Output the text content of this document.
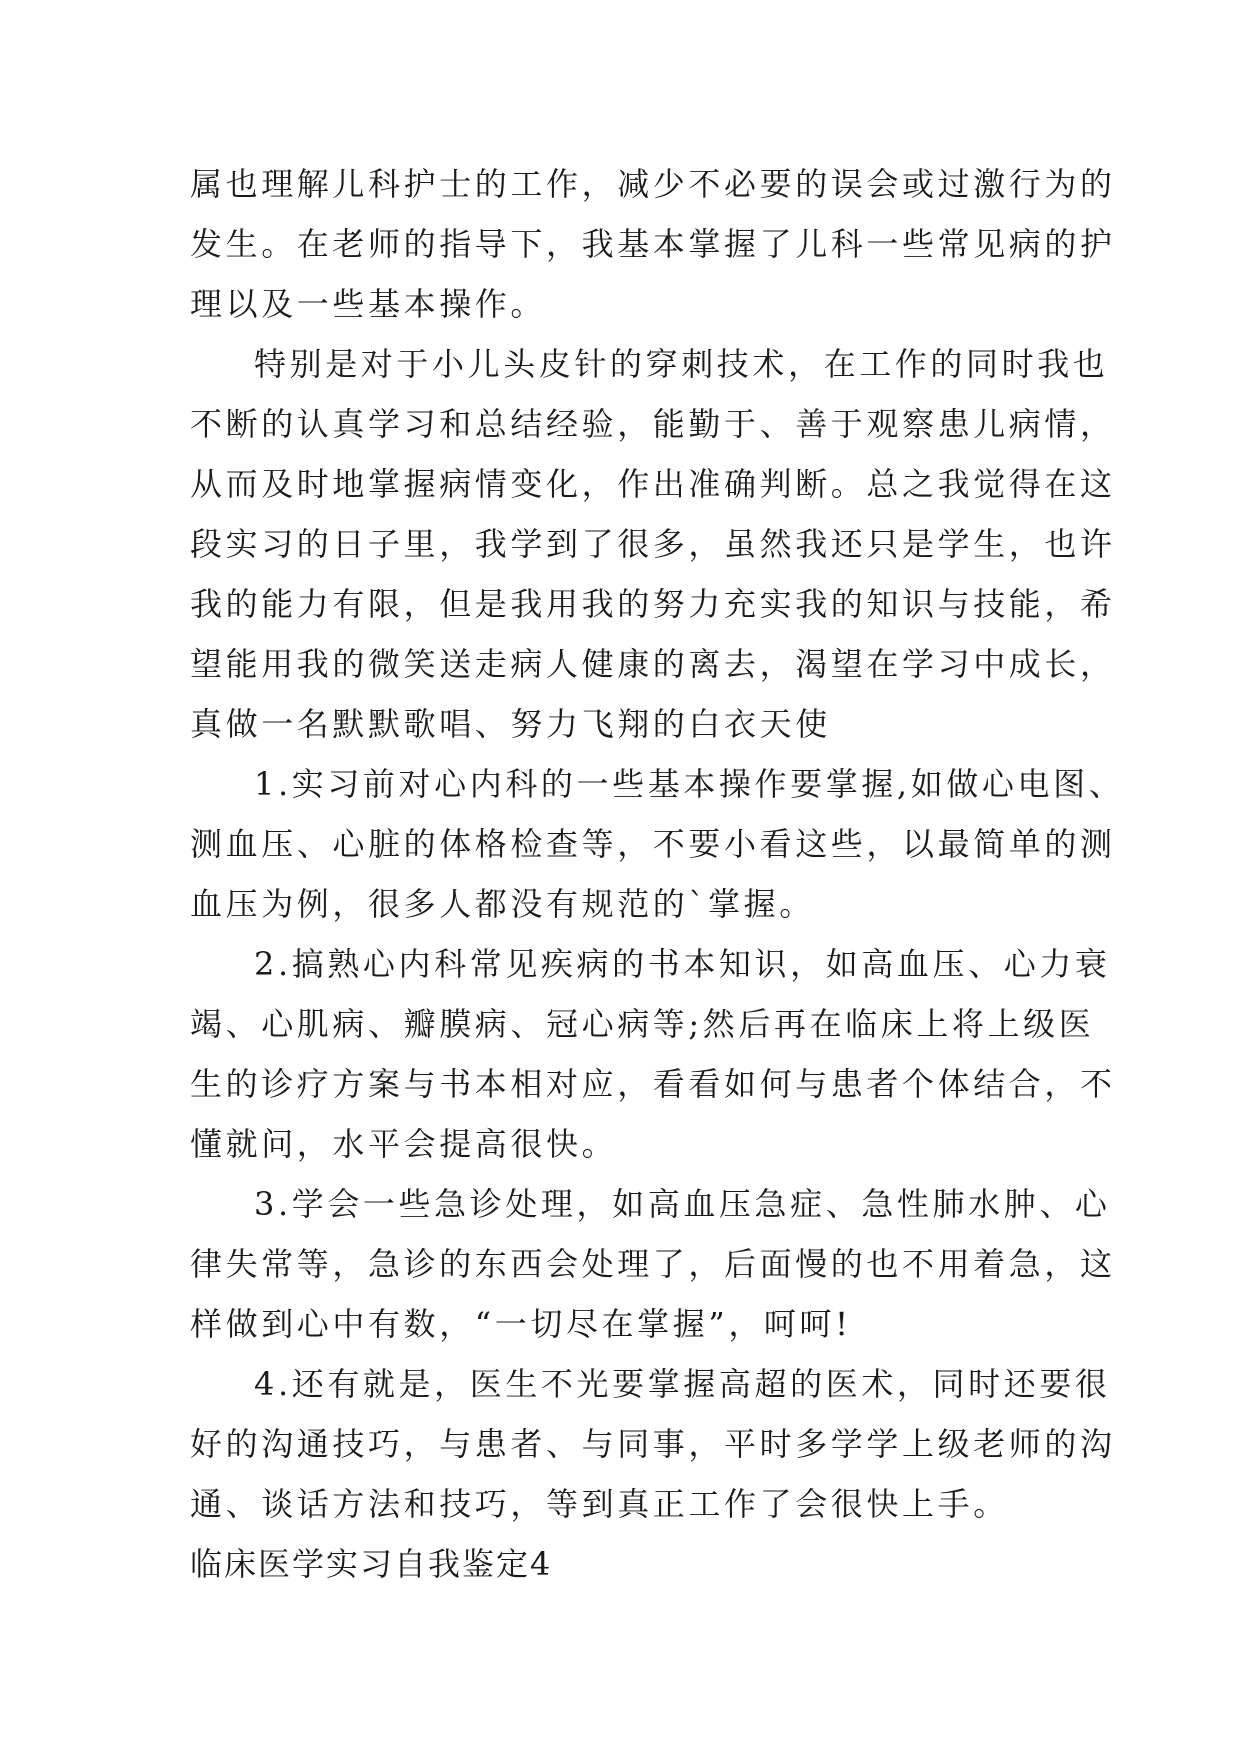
属也理解儿科护士的工作，减少不必要的误会或过激行为的
发生。在老师的指导下，我基本掌握了儿科一些常见病的护
理以及一些基本操作。
特别是对于小儿头皮针的穿刺技术，在工作的同时我也
不断的认真学习和总结经验，能勤于、善于观察患儿病情，
从而及时地掌握病情变化，作出准确判断。总之我觉得在这
段实习的日子里，我学到了很多，虽然我还只是学生，也许
我的能力有限，但是我用我的努力充实我的知识与技能，希
望能用我的微笑送走病人健康的离去，渴望在学习中成长，
真做一名默默歌唱、努力飞翔的白衣天使
1.实习前对心内科的一些基本操作要掌握,如做心电图、
测血压、心脏的体格检查等，不要小看这些，以最简单的测
血压为例，很多人都没有规范的`掌握。
2.搞熟心内科常见疾病的书本知识，如高血压、心力衰
竭、心肌病、瓣膜病、冠心病等;然后再在临床上将上级医
生的诊疗方案与书本相对应，看看如何与患者个体结合，不
懂就问，水平会提高很快。
3.学会一些急诊处理，如高血压急症、急性肺水肿、心
律失常等，急诊的东西会处理了，后面慢的也不用着急，这
样做到心中有数，“一切尽在掌握”，呵呵!
4.还有就是，医生不光要掌握高超的医术，同时还要很
好的沟通技巧，与患者、与同事，平时多学学上级老师的沟
通、谈话方法和技巧，等到真正工作了会很快上手。
临床医学实习自我鉴定4
